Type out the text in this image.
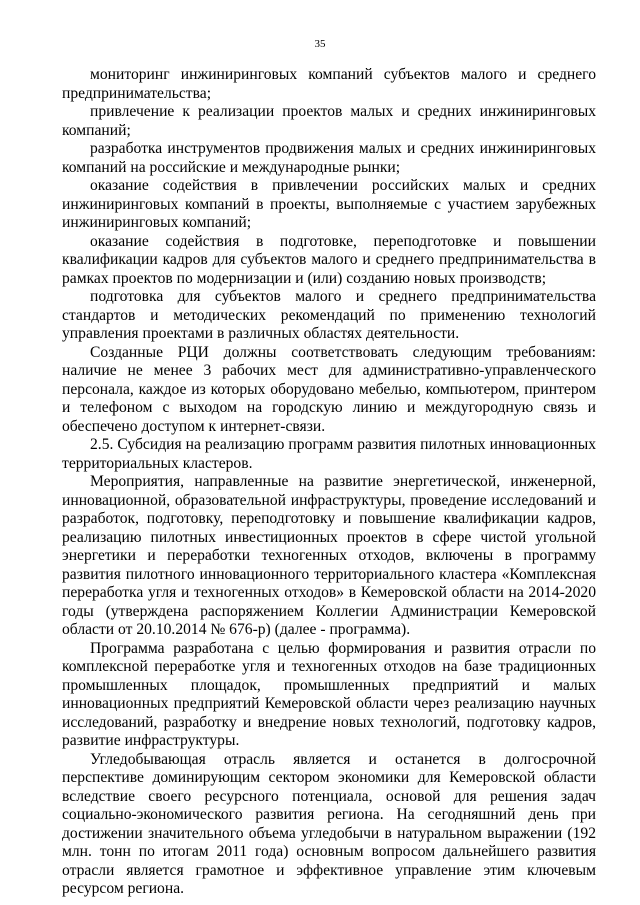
35

мониторинг инжиниринговых компаний субъектов малого и среднего предпринимательства;

привлечение к реализации проектов малых и средних инжиниринговых компаний;

разработка инструментов продвижения малых и средних инжиниринговых компаний на российские и международные рынки;

оказание содействия в привлечении российских малых и средних инжиниринговых компаний в проекты, выполняемые с участием зарубежных инжиниринговых компаний;

оказание содействия в подготовке, переподготовке и повышении квалификации кадров для субъектов малого и среднего предпринимательства в рамках проектов по модернизации и (или) созданию новых производств;

подготовка для субъектов малого и среднего предпринимательства стандартов и методических рекомендаций по применению технологий управления проектами в различных областях деятельности.

Созданные РЦИ должны соответствовать следующим требованиям: наличие не менее 3 рабочих мест для административно-управленческого персонала, каждое из которых оборудовано мебелью, компьютером, принтером и телефоном с выходом на городскую линию и междугородную связь и обеспечено доступом к интернет-связи.

2.5. Субсидия на реализацию программ развития пилотных инновационных территориальных кластеров.

Мероприятия, направленные на развитие энергетической, инженерной, инновационной, образовательной инфраструктуры, проведение исследований и разработок, подготовку, переподготовку и повышение квалификации кадров, реализацию пилотных инвестиционных проектов в сфере чистой угольной энергетики и переработки техногенных отходов, включены в программу развития пилотного инновационного территориального кластера «Комплексная переработка угля и техногенных отходов» в Кемеровской области на 2014-2020 годы (утверждена распоряжением Коллегии Администрации Кемеровской области от 20.10.2014 № 676-р) (далее - программа).

Программа разработана с целью формирования и развития отрасли по комплексной переработке угля и техногенных отходов на базе традиционных промышленных площадок, промышленных предприятий и малых инновационных предприятий Кемеровской области через реализацию научных исследований, разработку и внедрение новых технологий, подготовку кадров, развитие инфраструктуры.

Угледобывающая отрасль является и останется в долгосрочной перспективе доминирующим сектором экономики для Кемеровской области вследствие своего ресурсного потенциала, основой для решения задач социально-экономического развития региона. На сегодняшний день при достижении значительного объема угледобычи в натуральном выражении (192 млн. тонн по итогам 2011 года) основным вопросом дальнейшего развития отрасли является грамотное и эффективное управление этим ключевым ресурсом региона.
